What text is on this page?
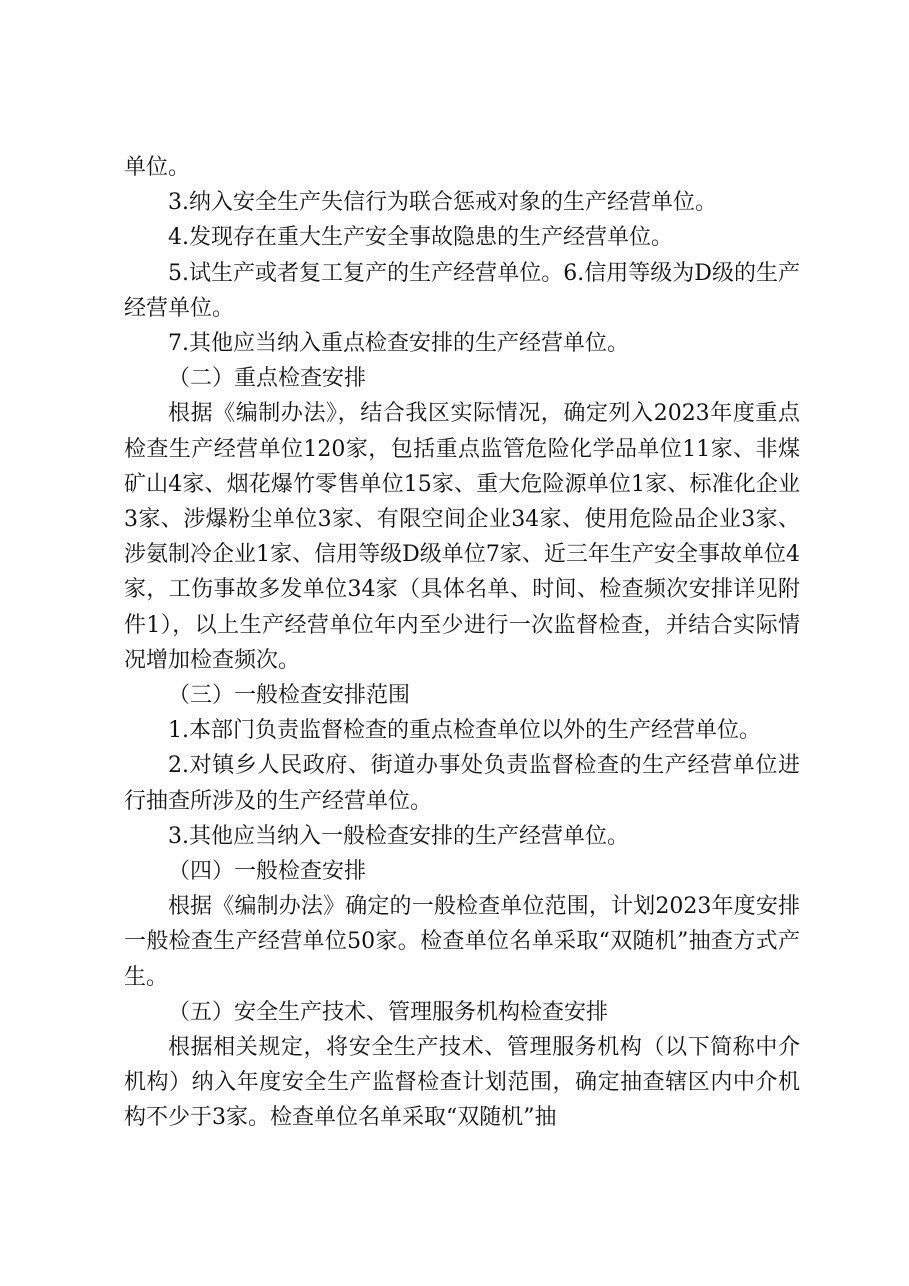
单位。

3.纳入安全生产失信行为联合惩戒对象的生产经营单位。

4.发现存在重大生产安全事故隐患的生产经营单位。

5.试生产或者复工复产的生产经营单位。6.信用等级为D级的生产经营单位。

7.其他应当纳入重点检查安排的生产经营单位。

（二）重点检查安排

根据《编制办法》，结合我区实际情况，确定列入2023年度重点检查生产经营单位120家，包括重点监管危险化学品单位11家、非煤矿山4家、烟花爆竹零售单位15家、重大危险源单位1家、标准化企业3家、涉爆粉尘单位3家、有限空间企业34家、使用危险品企业3家、涉氨制冷企业1家、信用等级D级单位7家、近三年生产安全事故单位4家，工伤事故多发单位34家（具体名单、时间、检查频次安排详见附件1），以上生产经营单位年内至少进行一次监督检查，并结合实际情况增加检查频次。

（三）一般检查安排范围

1.本部门负责监督检查的重点检查单位以外的生产经营单位。

2.对镇乡人民政府、街道办事处负责监督检查的生产经营单位进行抽查所涉及的生产经营单位。

3.其他应当纳入一般检查安排的生产经营单位。

（四）一般检查安排

根据《编制办法》确定的一般检查单位范围，计划2023年度安排一般检查生产经营单位50家。检查单位名单采取“双随机”抽查方式产生。

（五）安全生产技术、管理服务机构检查安排

根据相关规定，将安全生产技术、管理服务机构（以下简称中介机构）纳入年度安全生产监督检查计划范围，确定抽查辖区内中介机构不少于3家。检查单位名单采取“双随机”抽
